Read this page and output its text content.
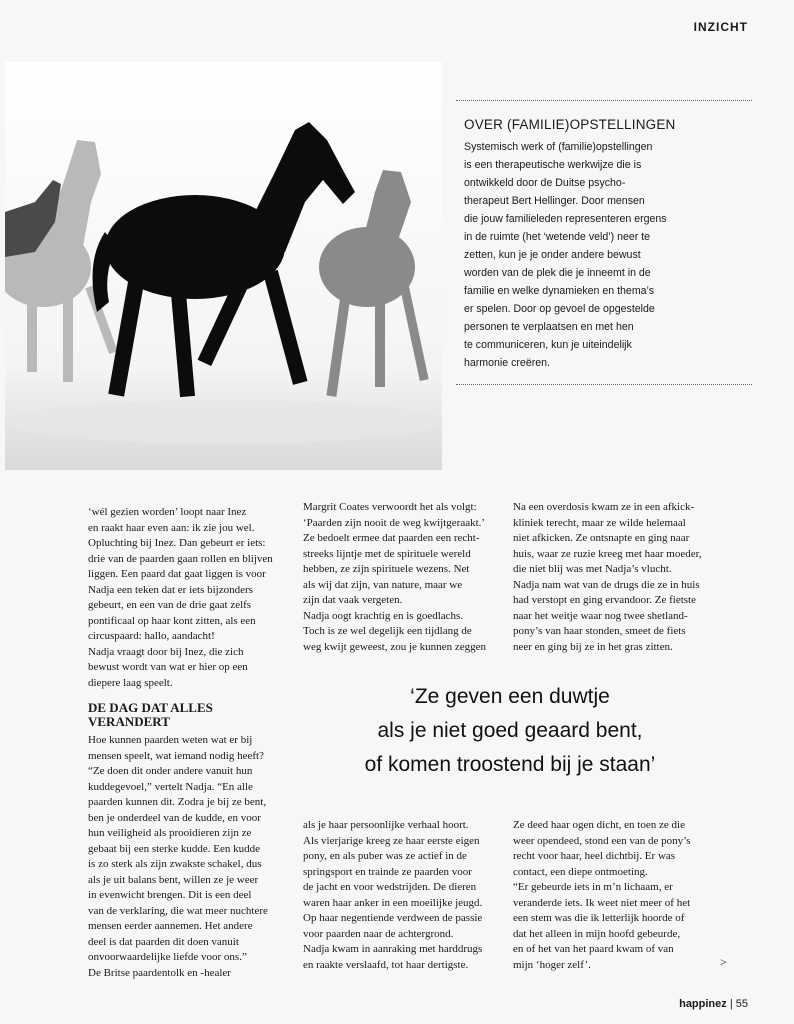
INZICHT
OVER (FAMILIE)OPSTELLINGEN
Systemisch werk of (familie)opstellingen
is een therapeutische werkwijze die is
ontwikkeld door de Duitse psycho-
therapeut Bert Hellinger. Door mensen
die jouw familieleden representeren ergens
in de ruimte (het ‘wetende veld’) neer te
zetten, kun je je onder andere bewust
worden van de plek die je inneemt in de
familie en welke dynamieken en thema’s
er spelen. Door op gevoel de opgestelde
personen te verplaatsen en met hen
te communiceren, kun je uiteindelijk
harmonie creëren.
‘wél gezien worden’ loopt naar Inez
en raakt haar even aan: ik zie jou wel.
Opluchting bij Inez. Dan gebeurt er iets:
drie van de paarden gaan rollen en blijven
liggen. Een paard dat gaat liggen is voor
Nadja een teken dat er iets bijzonders
gebeurt, en een van de drie gaat zelfs
pontificaal op haar kont zitten, als een
circuspaard: hallo, aandacht!
Nadja vraagt door bij Inez, die zich
bewust wordt van wat er hier op een
diepere laag speelt.
DE DAG DAT ALLES
VERANDERT
Hoe kunnen paarden weten wat er bij
mensen speelt, wat iemand nodig heeft?
“Ze doen dit onder andere vanuit hun
kuddegevoel,” vertelt Nadja. “En alle
paarden kunnen dit. Zodra je bij ze bent,
ben je onderdeel van de kudde, en voor
hun veiligheid als prooidieren zijn ze
gebaat bij een sterke kudde. Een kudde
is zo sterk als zijn zwakste schakel, dus
als je uit balans bent, willen ze je weer
in evenwicht brengen. Dit is een deel
van de verklaring, die wat meer nuchtere
mensen eerder aannemen. Het andere
deel is dat paarden dit doen vanuit
onvoorwaardelijke liefde voor ons.”
De Britse paardentolk en -healer
Margrit Coates verwoordt het als volgt:
‘Paarden zijn nooit de weg kwijtgeraakt.’
Ze bedoelt ermee dat paarden een recht-
streeks lijntje met de spirituele wereld
hebben, ze zijn spirituele wezens. Net
als wij dat zijn, van nature, maar we
zijn dat vaak vergeten.
Nadja oogt krachtig en is goedlachs.
Toch is ze wel degelijk een tijdlang de
weg kwijt geweest, zou je kunnen zeggen
Na een overdosis kwam ze in een afkick-
kliniek terecht, maar ze wilde helemaal
niet afkicken. Ze ontsnapte en ging naar
huis, waar ze ruzie kreeg met haar moeder,
die niet blij was met Nadja’s vlucht.
Nadja nam wat van de drugs die ze in huis
had verstopt en ging ervandoor. Ze fietste
naar het weitje waar nog twee shetland-
pony’s van haar stonden, smeet de fiets
neer en ging bij ze in het gras zitten.
‘Ze geven een duwtje
als je niet goed geaard bent,
of komen troostend bij je staan’
als je haar persoonlijke verhaal hoort.
Als vierjarige kreeg ze haar eerste eigen
pony, en als puber was ze actief in de
springsport en trainde ze paarden voor
de jacht en voor wedstrijden. De dieren
waren haar anker in een moeilijke jeugd.
Op haar negentiende verdween de passie
voor paarden naar de achtergrond.
Nadja kwam in aanraking met harddrugs
en raakte verslaafd, tot haar dertigste.
Ze deed haar ogen dicht, en toen ze die
weer opendeed, stond een van de pony’s
recht voor haar, heel dichtbij. Er was
contact, een diepe ontmoeting.
“Er gebeurde iets in m’n lichaam, er
veranderde iets. Ik weet niet meer of het
een stem was die ik letterlijk hoorde of
dat het alleen in mijn hoofd gebeurde,
en of het van het paard kwam of van
mijn ‘hoger zelf’.	>
happinez | 55
